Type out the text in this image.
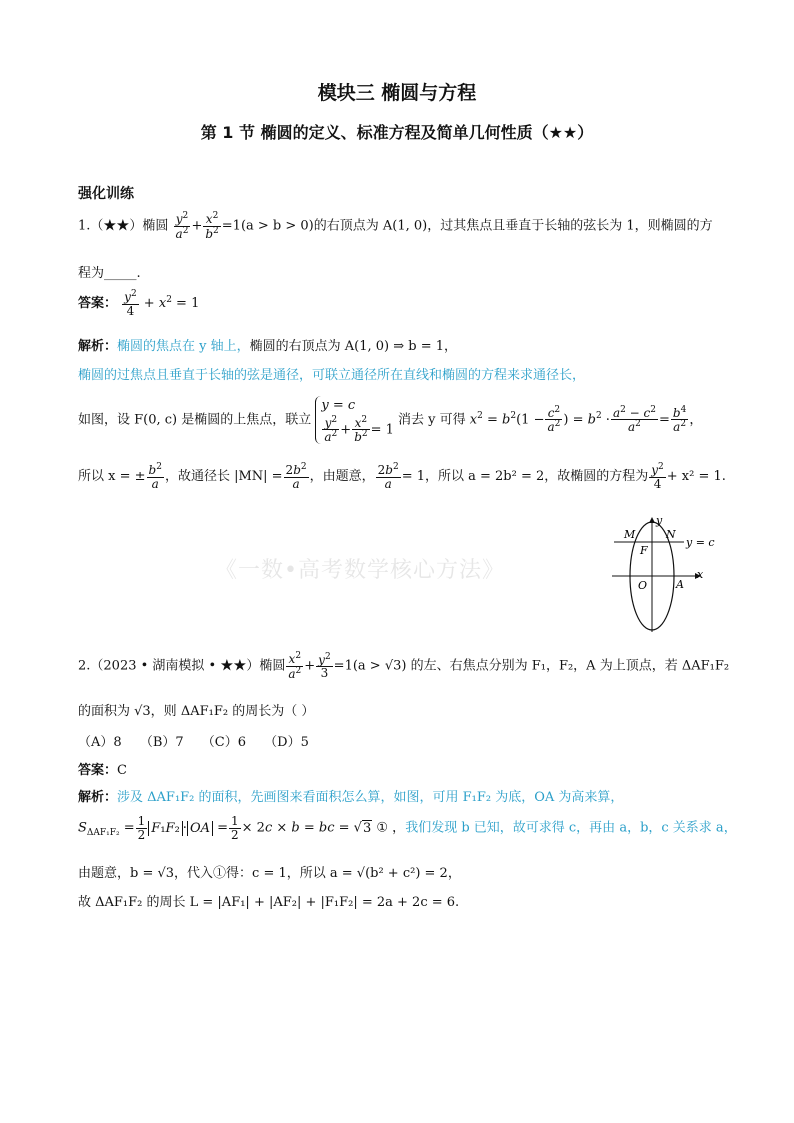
模块三 椭圆与方程
第 1 节 椭圆的定义、标准方程及简单几何性质（★★）
强化训练
1.（★★）椭圆 $\frac{y^2}{a^2} + \frac{x^2}{b^2} =1(a > b > 0)$的右顶点为 A(1, 0)，过其焦点且垂直于长轴的弦长为 1，则椭圆的方
程为_____.
答案： $\frac{y^2}{4} + x^2 = 1$
解析：椭圆的焦点在 y 轴上，椭圆的右顶点为 A(1, 0) ⇒ b = 1，
椭圆的过焦点且垂直于长轴的弦是通径，可联立通径所在直线和椭圆的方程来求通径长，
如图，设 F(0, c) 是椭圆的上焦点，联立 y = c

$\frac{y^2}{a^2} + \frac{x^2}{b^2} = 1$ 消去 y 可得 $x^2 = b^2(1 - \frac{c^2}{a^2}$ ) = $b^2 \cdot \frac{a^2 - c^2}{a^2} = \frac{b^4}{a^2}$ ，
所以 x = ± $\frac{b^2}{a}$ ，故通径长 $|MN| = \frac{2b^2}{a}$ ，由题意， $\frac{2b^2}{a} = 1$，所以 a = 2b² = 2，故椭圆的方程为 $\frac{y^2}{4} + x^2 = 1$.
《一数•高考数学核心方法》
M	N
F
O	A
x
y
y = c
2.（2023 • 湖南模拟 • ★★）椭圆 $\frac{x^2}{a^2} + \frac{y^2}{3} =1(a > √3)$ 的左、右焦点分别为 F₁，F₂，A 为上顶点，若 ΔAF₁F₂
的面积为 √3，则 ΔAF₁F₂ 的周长为（ ）
（A）8 （B）7 （C）6 （D）5
答案：C
解析：涉及 ΔAF₁F₂ 的面积，先画图来看面积怎么算，如图，可用 F₁F₂ 为底，OA 为高来算，
$S_{\Delta AF_1F_2} = \frac{1}{2} F_1F_2$ · OA = $\frac{1}{2} \times 2c \times b$ = bc = √3 ① ，我们发现 b 已知，故可求得 c，再由 a，b，c 关系求 a，
由题意，b = √3，代入①得：c = 1，所以 a = √(b² + c²) = 2，
故 ΔAF₁F₂ 的周长 L = |AF₁| + |AF₂| + |F₁F₂| = 2a + 2c = 6.
